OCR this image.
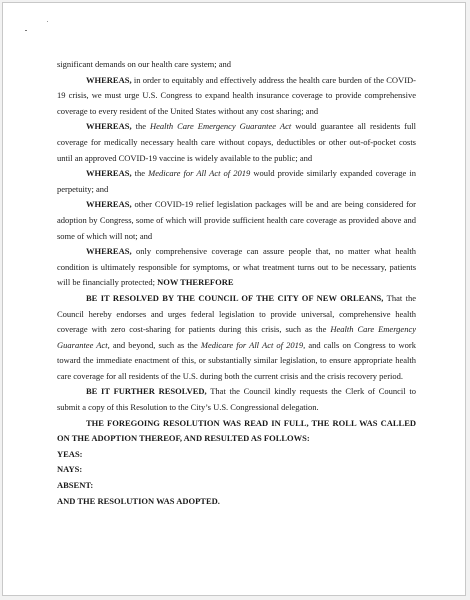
significant demands on our health care system; and

WHEREAS, in order to equitably and effectively address the health care burden of the COVID-19 crisis, we must urge U.S. Congress to expand health insurance coverage to provide comprehensive coverage to every resident of the United States without any cost sharing; and

WHEREAS, the Health Care Emergency Guarantee Act would guarantee all residents full coverage for medically necessary health care without copays, deductibles or other out-of-pocket costs until an approved COVID-19 vaccine is widely available to the public; and

WHEREAS, the Medicare for All Act of 2019 would provide similarly expanded coverage in perpetuity; and

WHEREAS, other COVID-19 relief legislation packages will be and are being considered for adoption by Congress, some of which will provide sufficient health care coverage as provided above and some of which will not; and

WHEREAS, only comprehensive coverage can assure people that, no matter what health condition is ultimately responsible for symptoms, or what treatment turns out to be necessary, patients will be financially protected; NOW THEREFORE

BE IT RESOLVED BY THE COUNCIL OF THE CITY OF NEW ORLEANS, That the Council hereby endorses and urges federal legislation to provide universal, comprehensive health coverage with zero cost-sharing for patients during this crisis, such as the Health Care Emergency Guarantee Act, and beyond, such as the Medicare for All Act of 2019, and calls on Congress to work toward the immediate enactment of this, or substantially similar legislation, to ensure appropriate health care coverage for all residents of the U.S. during both the current crisis and the crisis recovery period.

BE IT FURTHER RESOLVED, That the Council kindly requests the Clerk of Council to submit a copy of this Resolution to the City’s U.S. Congressional delegation.

THE FOREGOING RESOLUTION WAS READ IN FULL, THE ROLL WAS CALLED ON THE ADOPTION THEREOF, AND RESULTED AS FOLLOWS:

YEAS:

NAYS:

ABSENT:

AND THE RESOLUTION WAS ADOPTED.
